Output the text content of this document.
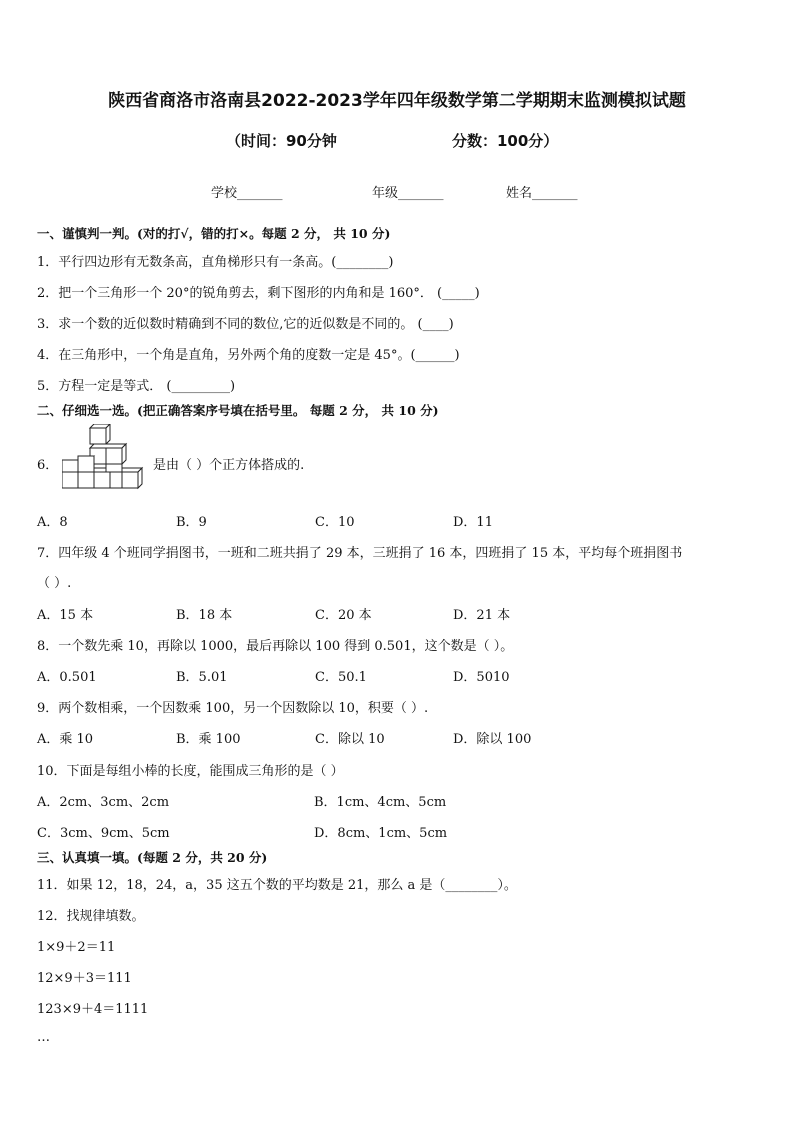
陕西省商洛市洛南县2022-2023学年四年级数学第二学期期末监测模拟试题
（时间：90分钟	分数：100分）
学校_______	年级_______	姓名_______
一、谨慎判一判。(对的打√，错的打×。每题 2 分， 共 10 分)
1．平行四边形有无数条高，直角梯形只有一条高。(________)
2．把一个三角形一个 20°的锐角剪去，剩下图形的内角和是 160°． (_____)
3．求一个数的近似数时精确到不同的数位,它的近似数是不同的。 (____)
4．在三角形中，一个角是直角，另外两个角的度数一定是 45°。(______)
5．方程一定是等式． (_________)
二、仔细选一选。(把正确答案序号填在括号里。 每题 2 分， 共 10 分)
6．	是由（ ）个正方体搭成的.
A．8	B．9	C．10	D．11
7．四年级 4 个班同学捐图书，一班和二班共捐了 29 本，三班捐了 16 本，四班捐了 15 本，平均每个班捐图书
（ ）.
A．15 本	B．18 本	C．20 本	D．21 本
8．一个数先乘 10，再除以 1000，最后再除以 100 得到 0.501，这个数是（ ）。
A．0.501	B．5.01	C．50.1	D．5010
9．两个数相乘，一个因数乘 100，另一个因数除以 10，积要（ ）.
A．乘 10	B．乘 100	C．除以 10	D．除以 100
10．下面是每组小棒的长度，能围成三角形的是（ ）
A．2cm、3cm、2cm	B．1cm、4cm、5cm
C．3cm、9cm、5cm	D．8cm、1cm、5cm
三、认真填一填。(每题 2 分，共 20 分)
11．如果 12，18，24，a，35 这五个数的平均数是 21，那么 a 是（________）。
12．找规律填数。
1×9＋2＝11
12×9＋3＝111
123×9＋4＝1111
…
